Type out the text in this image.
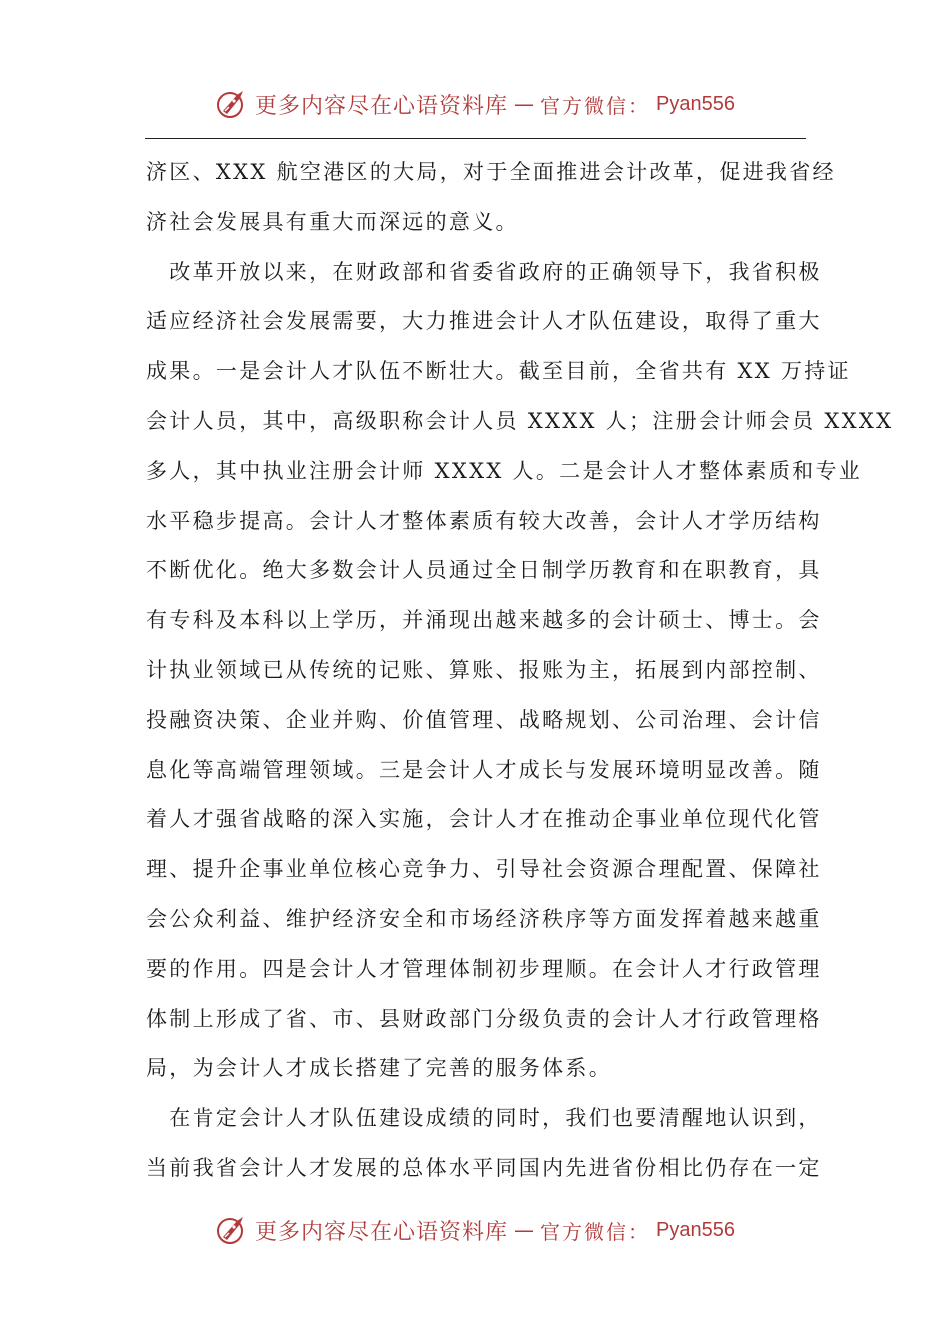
更多内容尽在心语资料库 — 官方微信： Pyan556
济区、XXX 航空港区的大局，对于全面推进会计改革，促进我省经
济社会发展具有重大而深远的意义。
　改革开放以来，在财政部和省委省政府的正确领导下，我省积极
适应经济社会发展需要，大力推进会计人才队伍建设，取得了重大
成果。一是会计人才队伍不断壮大。截至目前，全省共有 XX 万持证
会计人员，其中，高级职称会计人员 XXXX 人；注册会计师会员 XXXX
多人，其中执业注册会计师 XXXX 人。二是会计人才整体素质和专业
水平稳步提高。会计人才整体素质有较大改善，会计人才学历结构
不断优化。绝大多数会计人员通过全日制学历教育和在职教育，具
有专科及本科以上学历，并涌现出越来越多的会计硕士、博士。会
计执业领域已从传统的记账、算账、报账为主，拓展到内部控制、
投融资决策、企业并购、价值管理、战略规划、公司治理、会计信
息化等高端管理领域。三是会计人才成长与发展环境明显改善。随
着人才强省战略的深入实施，会计人才在推动企事业单位现代化管
理、提升企事业单位核心竞争力、引导社会资源合理配置、保障社
会公众利益、维护经济安全和市场经济秩序等方面发挥着越来越重
要的作用。四是会计人才管理体制初步理顺。在会计人才行政管理
体制上形成了省、市、县财政部门分级负责的会计人才行政管理格
局，为会计人才成长搭建了完善的服务体系。
　在肯定会计人才队伍建设成绩的同时，我们也要清醒地认识到，
当前我省会计人才发展的总体水平同国内先进省份相比仍存在一定
更多内容尽在心语资料库 — 官方微信： Pyan556
